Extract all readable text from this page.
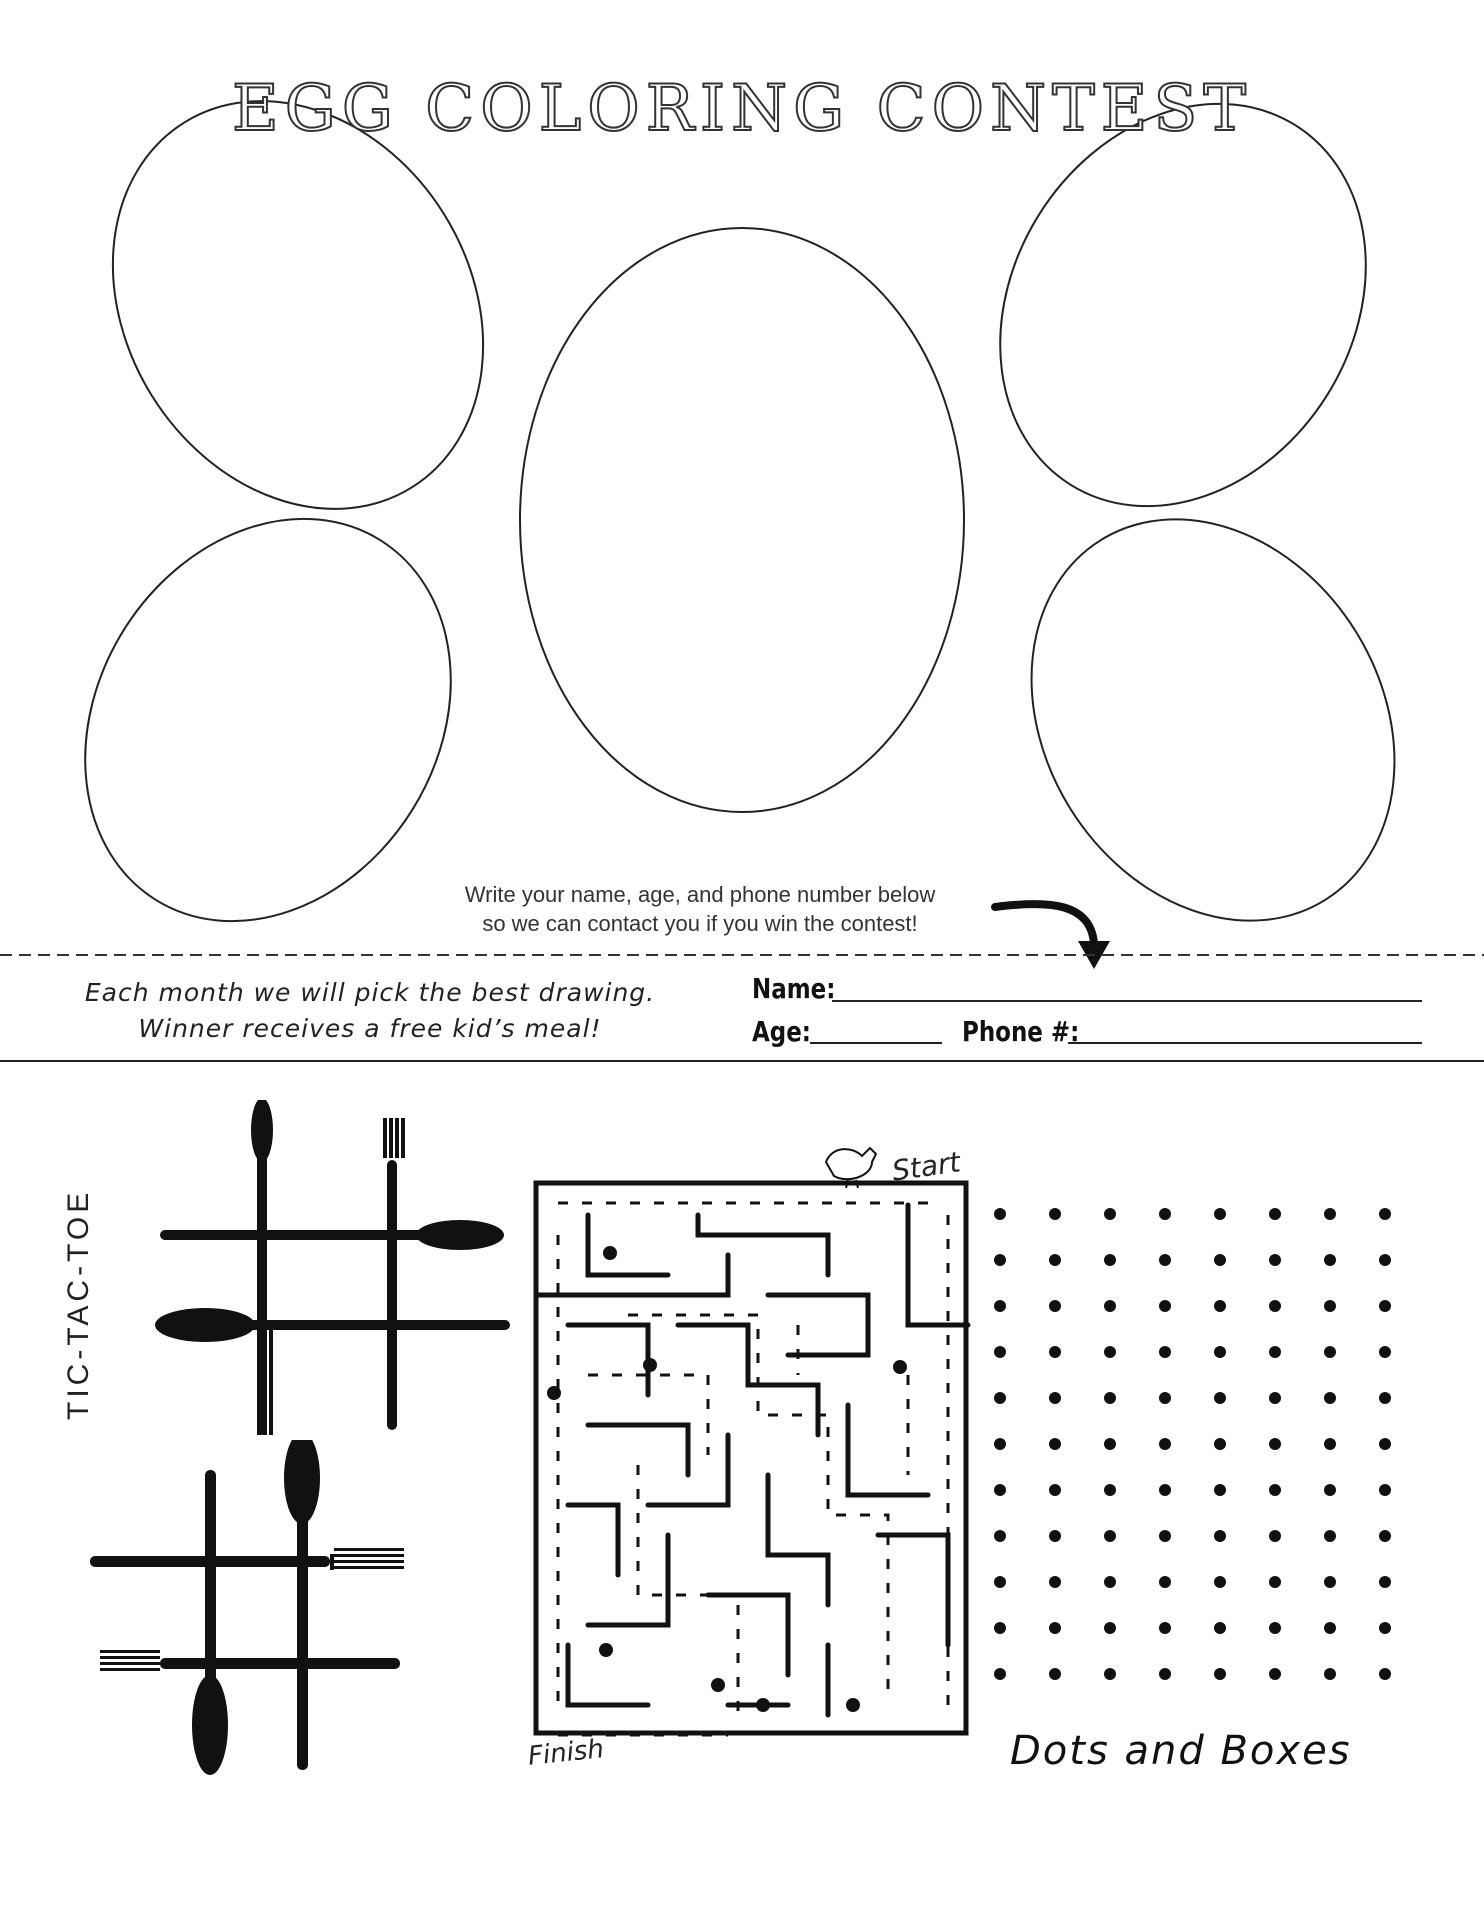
EGG COLORING CONTEST
Write your name, age, and phone number below
so we can contact you if you win the contest!
Each month we will pick the best drawing.
Winner receives a free kid’s meal!
Name:
Age:	Phone #:
TIC-TAC-TOE
Start
Finish	Dots and Boxes
